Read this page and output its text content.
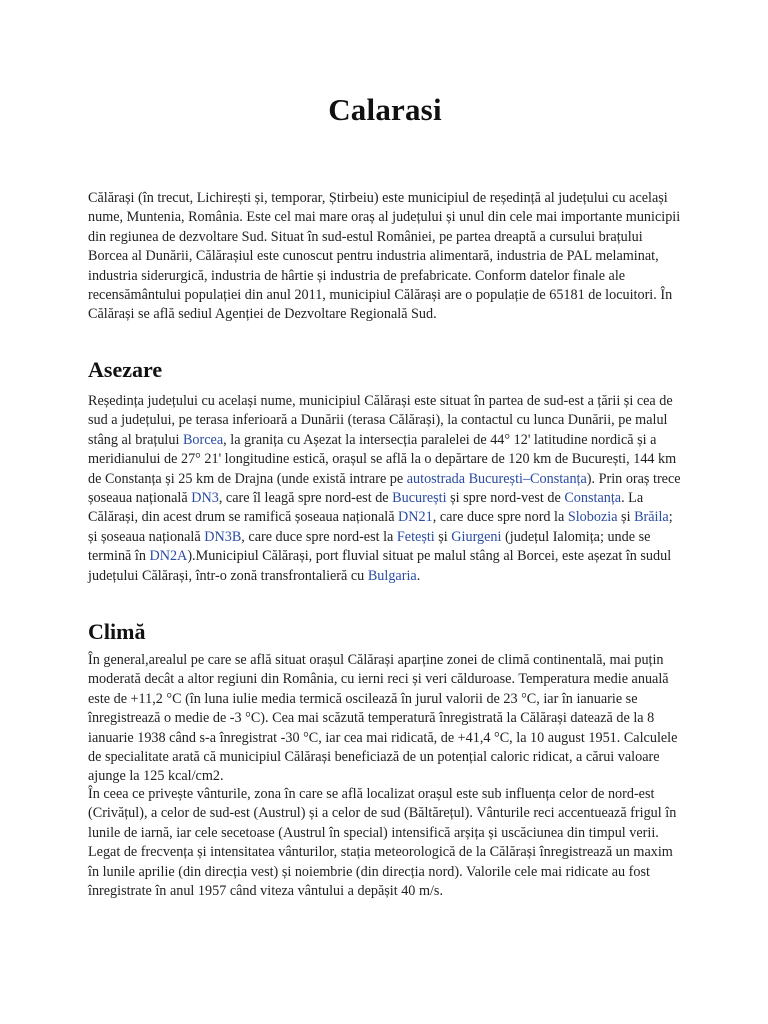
Calarasi

Călărași (în trecut, Lichirești și, temporar, Știrbeiu) este municipiul de reședință al județului cu același nume, Muntenia, România. Este cel mai mare oraș al județului și unul din cele mai importante municipii din regiunea de dezvoltare Sud. Situat în sud-estul României, pe partea dreaptă a cursului brațului Borcea al Dunării, Călărașiul este cunoscut pentru industria alimentară, industria de PAL melaminat, industria siderurgică, industria de hârtie și industria de prefabricate. Conform datelor finale ale recensământului populației din anul 2011, municipiul Călărași are o populație de 65181 de locuitori. În Călărași se află sediul Agenției de Dezvoltare Regională Sud.

Asezare

Reședința județului cu același nume, municipiul Călărași este situat în partea de sud-est a țării și cea de sud a județului, pe terasa inferioară a Dunării (terasa Călărași), la contactul cu lunca Dunării, pe malul stâng al brațului Borcea, la granița cu Așezat la intersecția paralelei de 44° 12' latitudine nordică și a meridianului de 27° 21' longitudine estică, orașul se află la o depărtare de 120 km de București, 144 km de Constanța și 25 km de Drajna (unde există intrare pe autostrada București–Constanța). Prin oraș trece șoseaua națională DN3, care îl leagă spre nord-est de București și spre nord-vest de Constanța. La Călărași, din acest drum se ramifică șoseaua națională DN21, care duce spre nord la Slobozia și Brăila; și șoseaua națională DN3B, care duce spre nord-est la Fetești și Giurgeni (județul Ialomița; unde se termină în DN2A).Municipiul Călărași, port fluvial situat pe malul stâng al Borcei, este așezat în sudul județului Călărași, într-o zonă transfrontalieră cu Bulgaria.

Climă

În general,arealul pe care se află situat orașul Călărași aparține zonei de climă continentală, mai puțin moderată decât a altor regiuni din România, cu ierni reci și veri călduroase. Temperatura medie anuală este de +11,2 °C (în luna iulie media termică oscilează în jurul valorii de 23 °C, iar în ianuarie se înregistrează o medie de -3 °C). Cea mai scăzută temperatură înregistrată la Călărași datează de la 8 ianuarie 1938 când s-a înregistrat -30 °C, iar cea mai ridicată, de +41,4 °C, la 10 august 1951. Calculele de specialitate arată că municipiul Călărași beneficiază de un potențial caloric ridicat, a cărui valoare ajunge la 125 kcal/cm2.

În ceea ce privește vânturile, zona în care se află localizat orașul este sub influența celor de nord-est (Crivățul), a celor de sud-est (Austrul) și a celor de sud (Băltărețul). Vânturile reci accentuează frigul în lunile de iarnă, iar cele secetoase (Austrul în special) intensifică arșița și uscăciunea din timpul verii. Legat de frecvența și intensitatea vânturilor, stația meteorologică de la Călărași înregistrează un maxim în lunile aprilie (din direcția vest) și noiembrie (din direcția nord). Valorile cele mai ridicate au fost înregistrate în anul 1957 când viteza vântului a depășit 40 m/s.
